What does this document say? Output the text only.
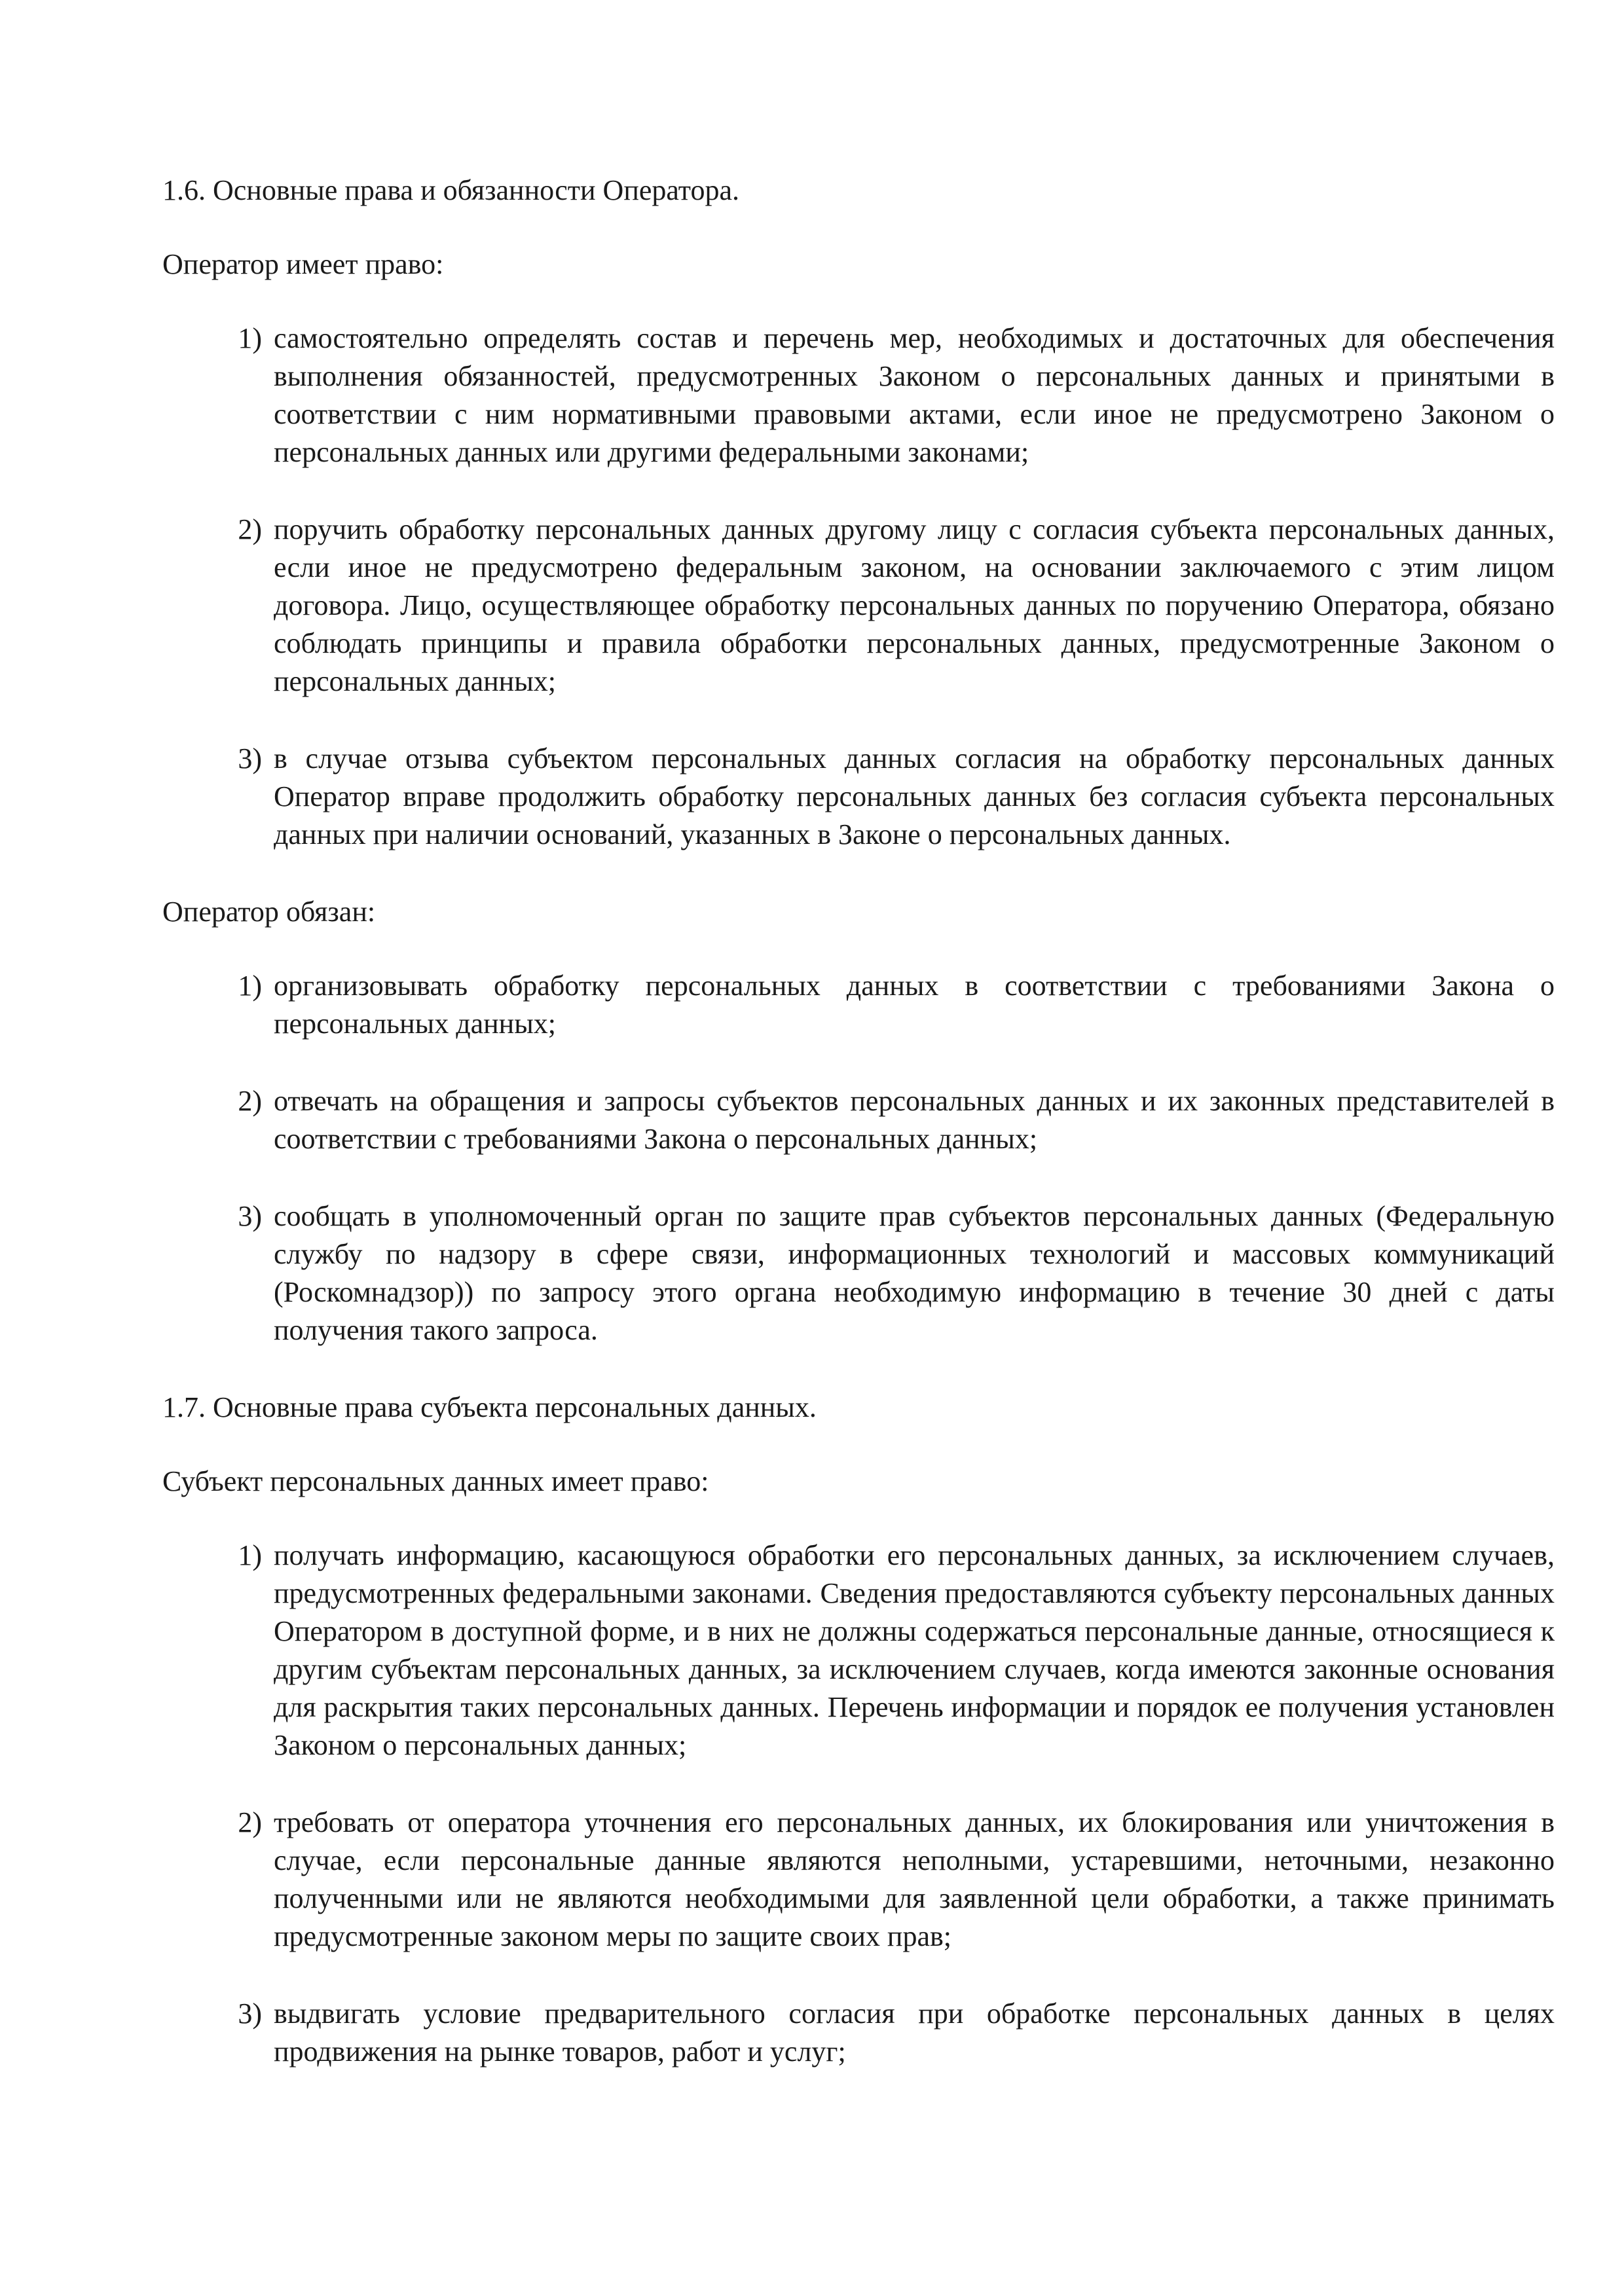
1.6. Основные права и обязанности Оператора.

Оператор имеет право:

1) самостоятельно определять состав и перечень мер, необходимых и достаточных для обеспечения выполнения обязанностей, предусмотренных Законом о персональных данных и принятыми в соответствии с ним нормативными правовыми актами, если иное не предусмотрено Законом о персональных данных или другими федеральными законами;
2) поручить обработку персональных данных другому лицу с согласия субъекта персональных данных, если иное не предусмотрено федеральным законом, на основании заключаемого с этим лицом договора. Лицо, осуществляющее обработку персональных данных по поручению Оператора, обязано соблюдать принципы и правила обработки персональных данных, предусмотренные Законом о персональных данных;
3) в случае отзыва субъектом персональных данных согласия на обработку персональных данных Оператор вправе продолжить обработку персональных данных без согласия субъекта персональных данных при наличии оснований, указанных в Законе о персональных данных.

Оператор обязан:

1) организовывать обработку персональных данных в соответствии с требованиями Закона о персональных данных;
2) отвечать на обращения и запросы субъектов персональных данных и их законных представителей в соответствии с требованиями Закона о персональных данных;
3) сообщать в уполномоченный орган по защите прав субъектов персональных данных (Федеральную службу по надзору в сфере связи, информационных технологий и массовых коммуникаций (Роскомнадзор)) по запросу этого органа необходимую информацию в течение 30 дней с даты получения такого запроса.

1.7. Основные права субъекта персональных данных.

Субъект персональных данных имеет право:

1) получать информацию, касающуюся обработки его персональных данных, за исключением случаев, предусмотренных федеральными законами. Сведения предоставляются субъекту персональных данных Оператором в доступной форме, и в них не должны содержаться персональные данные, относящиеся к другим субъектам персональных данных, за исключением случаев, когда имеются законные основания для раскрытия таких персональных данных. Перечень информации и порядок ее получения установлен Законом о персональных данных;
2) требовать от оператора уточнения его персональных данных, их блокирования или уничтожения в случае, если персональные данные являются неполными, устаревшими, неточными, незаконно полученными или не являются необходимыми для заявленной цели обработки, а также принимать предусмотренные законом меры по защите своих прав;
3) выдвигать условие предварительного согласия при обработке персональных данных в целях продвижения на рынке товаров, работ и услуг;
